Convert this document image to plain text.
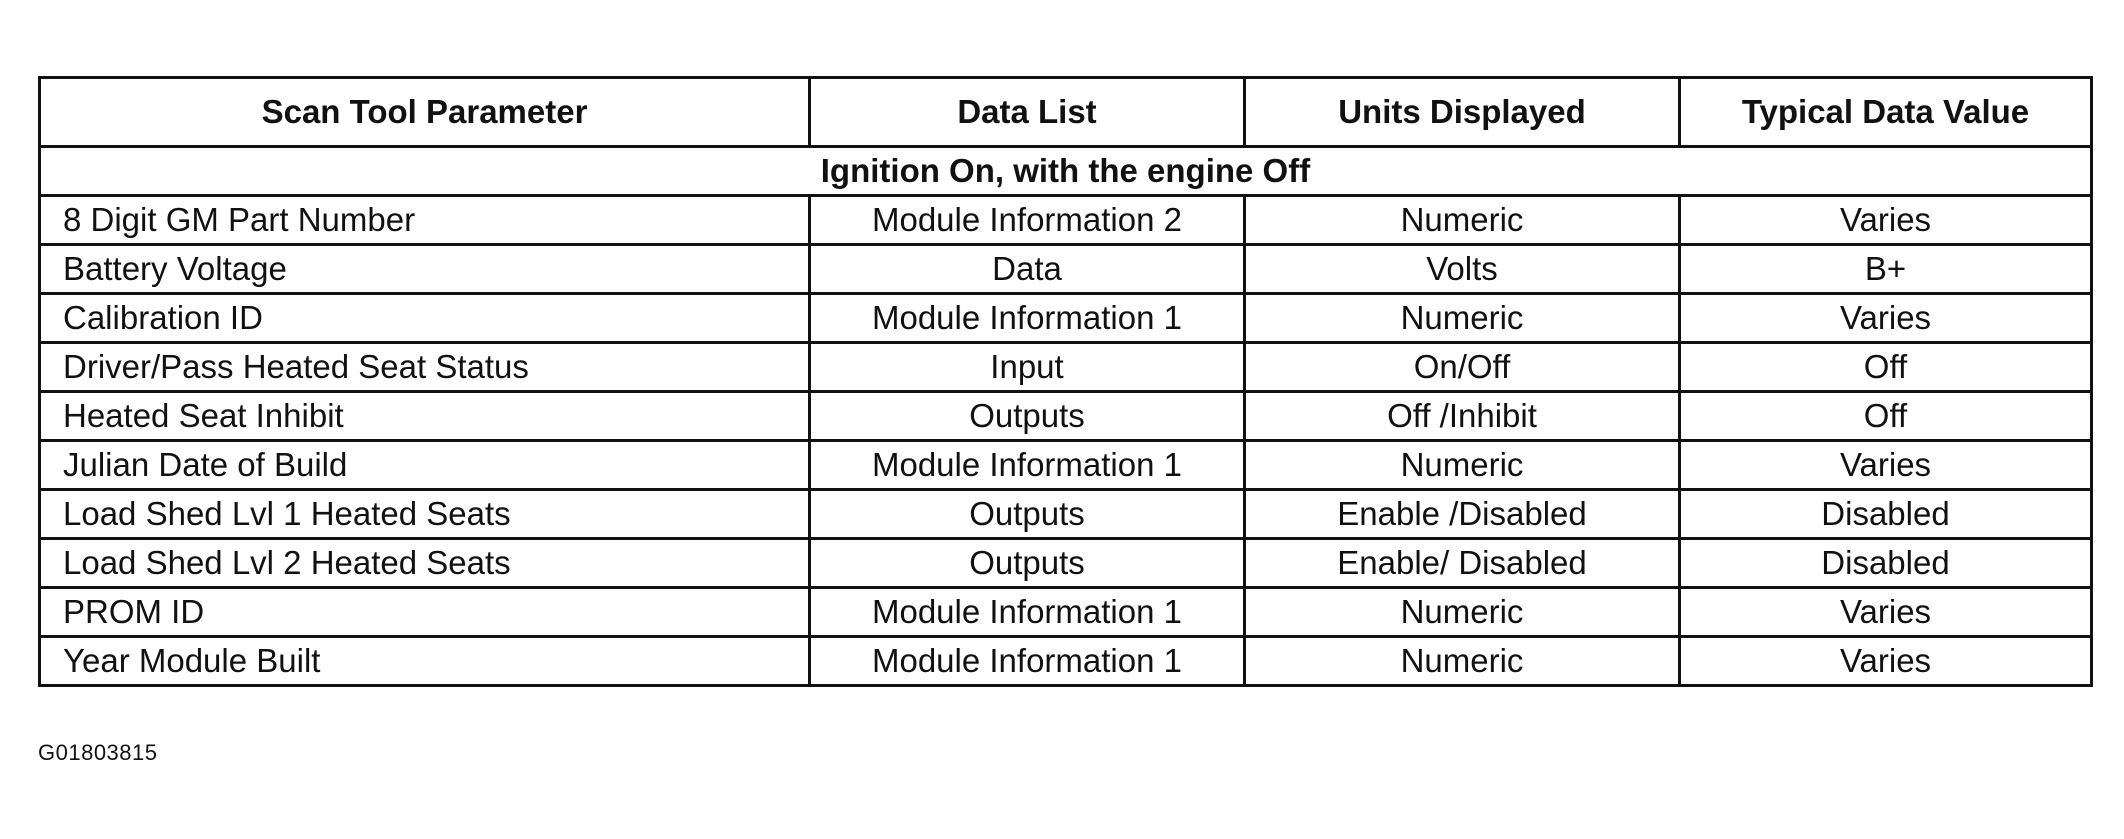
Scan Tool Parameter	Data List	Units Displayed	Typical Data Value
Ignition On, with the engine Off			
8 Digit GM Part Number	Module Information 2	Numeric	Varies
Battery Voltage	Data	Volts	B+
Calibration ID	Module Information 1	Numeric	Varies
Driver/Pass Heated Seat Status	Input	On/Off	Off
Heated Seat Inhibit	Outputs	Off /Inhibit	Off
Julian Date of Build	Module Information 1	Numeric	Varies
Load Shed Lvl 1 Heated Seats	Outputs	Enable /Disabled	Disabled
Load Shed Lvl 2 Heated Seats	Outputs	Enable/ Disabled	Disabled
PROM ID	Module Information 1	Numeric	Varies
Year Module Built	Module Information 1	Numeric	Varies
G01803815
